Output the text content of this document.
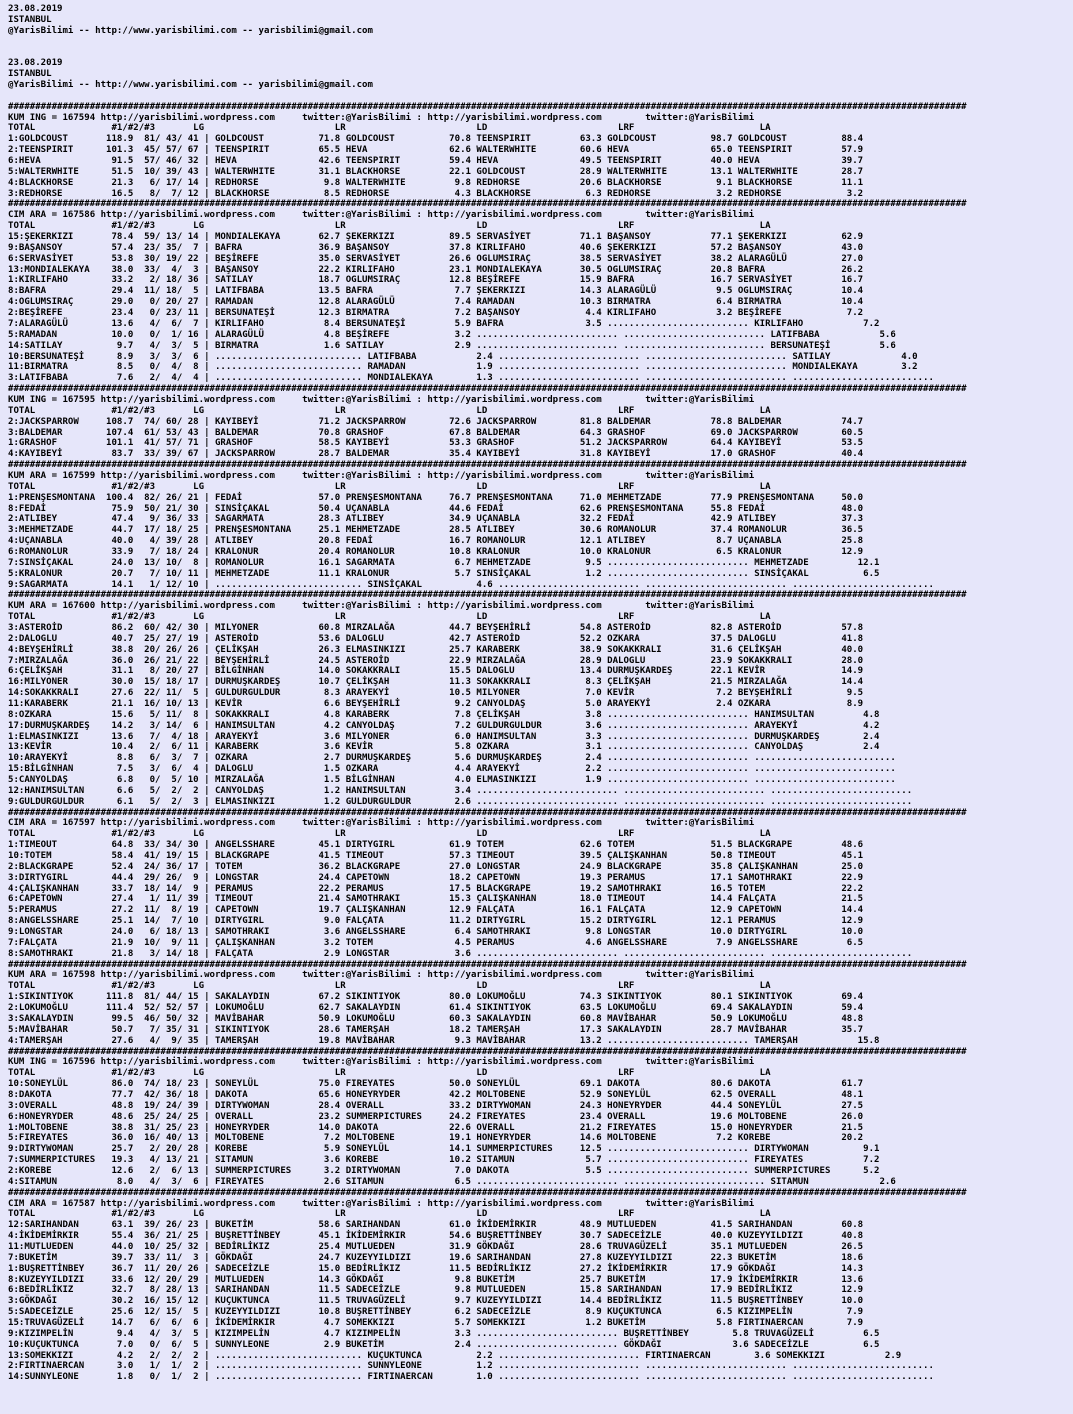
23.08.2019
ISTANBUL
@YarisBilimi -- http://www.yarisbilimi.com -- yarisbilimi@gmail.com

23.08.2019
ISTANBUL
@YarisBilimi -- http://www.yarisbilimi.com -- yarisbilimi@gmail.com

################################################################################################################################################################################
KUM ING = 167594 http://yarisbilimi.wordpress.com     twitter:@YarisBilimi : http://yarisbilimi.wordpress.com        twitter:@YarisBilimi
TOTAL              #1/#2/#3       LG                        LR                        LD                        LRF                       LA
1:GOLDCOUST       118.9  81/ 43/ 41 | GOLDCOUST          71.8 GOLDCOUST          70.8 TEENSPIRIT         63.3 GOLDCOUST          98.7 GOLDCOUST          88.4
2:TEENSPIRIT      101.3  45/ 57/ 67 | TEENSPIRIT         65.5 HEVA               62.6 WALTERWHITE        60.6 HEVA               65.0 TEENSPIRIT         57.9
6:HEVA             91.5  57/ 46/ 32 | HEVA               42.6 TEENSPIRIT         59.4 HEVA               49.5 TEENSPIRIT         40.0 HEVA               39.7
5:WALTERWHITE      51.5  10/ 39/ 43 | WALTERWHITE        31.1 BLACKHORSE         22.1 GOLDCOUST          28.9 WALTERWHITE        13.1 WALTERWHITE        28.7
4:BLACKHORSE       21.3   6/ 17/ 14 | REDHORSE            9.8 WALTERWHITE         9.8 REDHORSE           20.6 BLACKHORSE          9.1 BLACKHORSE         11.1
3:REDHORSE         16.5   8/  7/ 12 | BLACKHORSE          8.5 REDHORSE            4.3 BLACKHORSE          6.3 REDHORSE            3.2 REDHORSE            3.2
################################################################################################################################################################################
CIM ARA = 167586 http://yarisbilimi.wordpress.com     twitter:@YarisBilimi : http://yarisbilimi.wordpress.com        twitter:@YarisBilimi
TOTAL              #1/#2/#3       LG                        LR                        LD                        LRF                       LA
15:ŞEKERKIZI       78.4  59/ 13/ 14 | MONDIALEKAYA       62.7 ŞEKERKIZI          89.5 SERVASİYET         71.1 BAŞANSOY           77.1 ŞEKERKIZI          62.9
9:BAŞANSOY         57.4  23/ 35/  7 | BAFRA              36.9 BAŞANSOY           37.8 KIRLIFAHO          40.6 ŞEKERKIZI          57.2 BAŞANSOY           43.0
6:SERVASİYET       53.8  30/ 19/ 22 | BEŞİREFE           35.0 SERVASİYET         26.6 OGLUMSIRAÇ         38.5 SERVASİYET         38.2 ALARAGÜLÜ          27.0
13:MONDIALEKAYA    38.0  33/  4/  3 | BAŞANSOY           22.2 KIRLIFAHO          23.1 MONDIALEKAYA       30.5 OGLUMSIRAÇ         20.8 BAFRA              26.2
1:KIRLIFAHO        33.2   2/ 18/ 36 | SATILAY            18.7 OGLUMSIRAÇ         12.8 BEŞİREFE           15.9 BAFRA              16.7 SERVASİYET         16.7
8:BAFRA            29.4  11/ 18/  5 | LATIFBABA          13.5 BAFRA               7.7 ŞEKERKIZI          14.3 ALARAGÜLÜ           9.5 OGLUMSIRAÇ         10.4
4:OGLUMSIRAÇ       29.0   0/ 20/ 27 | RAMADAN            12.8 ALARAGÜLÜ           7.4 RAMADAN            10.3 BIRMATRA            6.4 BIRMATRA           10.4
2:BEŞİREFE         23.4   0/ 23/ 11 | BERSUNATEŞİ        12.3 BIRMATRA            7.2 BAŞANSOY            4.4 KIRLIFAHO           3.2 BEŞİREFE            7.2
7:ALARAGÜLÜ        13.6   4/  6/  7 | KIRLIFAHO           8.4 BERSUNATEŞİ         5.9 BAFRA               3.5 .......................... KIRLIFAHO           7.2
5:RAMADAN          10.0   0/  1/ 16 | ALARAGÜLÜ           4.8 BEŞİREFE            3.2 .......................... .......................... LATIFBABA           5.6
14:SATILAY          9.7   4/  3/  5 | BIRMATRA            1.6 SATILAY             2.9 .......................... .......................... BERSUNATEŞİ         5.6
10:BERSUNATEŞİ      8.9   3/  3/  6 | ........................... LATIFBABA           2.4 .......................... .......................... SATILAY             4.0
11:BIRMATRA         8.5   0/  4/  8 | ........................... RAMADAN             1.9 .......................... .......................... MONDIALEKAYA        3.2
3:LATIFBABA         7.6   2/  4/  4 | ........................... MONDIALEKAYA        1.3 .......................... .......................... ..........................
################################################################################################################################################################################
KUM ING = 167595 http://yarisbilimi.wordpress.com     twitter:@YarisBilimi : http://yarisbilimi.wordpress.com        twitter:@YarisBilimi
TOTAL              #1/#2/#3       LG                        LR                        LD                        LRF                       LA
2:JACKSPARROW     108.7  74/ 60/ 28 | KAYIBEYİ           71.2 JACKSPARROW        72.6 JACKSPARROW        81.8 BALDEMAR           78.8 BALDEMAR           74.7
3:BALDEMAR        107.4  61/ 53/ 43 | BALDEMAR           70.8 GRASHOF            67.8 BALDEMAR           64.3 GRASHOF            69.0 JACKSPARROW        60.5
1:GRASHOF         101.1  41/ 57/ 71 | GRASHOF            58.5 KAYIBEYİ           53.3 GRASHOF            51.2 JACKSPARROW        64.4 KAYIBEYİ           53.5
4:KAYIBEYİ         83.7  33/ 39/ 67 | JACKSPARROW        28.7 BALDEMAR           35.4 KAYIBEYİ           31.8 KAYIBEYİ           17.0 GRASHOF            40.4
################################################################################################################################################################################
KUM ARA = 167599 http://yarisbilimi.wordpress.com     twitter:@YarisBilimi : http://yarisbilimi.wordpress.com        twitter:@YarisBilimi
TOTAL              #1/#2/#3       LG                        LR                        LD                        LRF                       LA
1:PRENŞESMONTANA  100.4  82/ 26/ 21 | FEDAİ              57.0 PRENŞESMONTANA     76.7 PRENŞESMONTANA     71.0 MEHMETZADE         77.9 PRENŞESMONTANA     50.0
8:FEDAİ            75.9  50/ 21/ 30 | SINSİÇAKAL         50.4 UÇANABLA           44.6 FEDAİ              62.6 PRENŞESMONTANA     55.8 FEDAİ              48.0
2:ATLIBEY          47.4   9/ 36/ 33 | SAGARMATA          28.3 ATLIBEY            34.9 UÇANABLA           32.2 FEDAİ              42.9 ATLIBEY            37.3
3:MEHMETZADE       44.7  17/ 18/ 25 | PRENŞESMONTANA     25.1 MEHMETZADE         28.5 ATLIBEY            30.6 ROMANOLUR          37.4 ROMANOLUR          36.5
4:UÇANABLA         40.0   4/ 39/ 28 | ATLIBEY            20.8 FEDAİ              16.7 ROMANOLUR          12.1 ATLIBEY             8.7 UÇANABLA           25.8
6:ROMANOLUR        33.9   7/ 18/ 24 | KRALONUR           20.4 ROMANOLUR          10.8 KRALONUR           10.0 KRALONUR            6.5 KRALONUR           12.9
7:SINSİÇAKAL       24.0  13/ 10/  8 | ROMANOLUR          16.1 SAGARMATA           6.7 MEHMETZADE          9.5 .......................... MEHMETZADE         12.1
5:KRALONUR         20.7   7/ 10/ 11 | MEHMETZADE         11.1 KRALONUR            5.7 SINSİÇAKAL          1.2 .......................... SINSİÇAKAL          6.5
9:SAGARMATA        14.1   1/ 12/ 10 | ........................... SINSİÇAKAL          4.6 .......................... .......................... ..........................
################################################################################################################################################################################
KUM ARA = 167600 http://yarisbilimi.wordpress.com     twitter:@YarisBilimi : http://yarisbilimi.wordpress.com        twitter:@YarisBilimi
TOTAL              #1/#2/#3       LG                        LR                        LD                        LRF                       LA
3:ASTEROİD         86.2  60/ 42/ 30 | MILYONER           60.8 MIRZALAĞA          44.7 BEYŞEHİRLİ         54.8 ASTEROİD           82.8 ASTEROİD           57.8
2:DALOGLU          40.7  25/ 27/ 19 | ASTEROİD           53.6 DALOGLU            42.7 ASTEROİD           52.2 OZKARA             37.5 DALOGLU            41.8
4:BEYŞEHİRLİ       38.8  20/ 26/ 26 | ÇELİKŞAH           26.3 ELMASINKIZI        25.7 KARABERK           38.9 SOKAKKRALI         31.6 ÇELİKŞAH           40.0
7:MIRZALAĞA        36.0  26/ 21/ 22 | BEYŞEHİRLİ         24.5 ASTEROİD           22.9 MIRZALAĞA          28.9 DALOGLU            23.9 SOKAKKRALI         28.0
6:ÇELİKŞAH         31.1   8/ 20/ 27 | BİLGİNHAN          14.0 SOKAKKRALI         15.5 DALOGLU            13.4 DURMUŞKARDEŞ       22.1 KEVİR              14.9
16:MILYONER        30.0  15/ 18/ 17 | DURMUŞKARDEŞ       10.7 ÇELİKŞAH           11.3 SOKAKKRALI          8.3 ÇELİKŞAH           21.5 MIRZALAĞA          14.4
14:SOKAKKRALI      27.6  22/ 11/  5 | GULDURGULDUR        8.3 ARAYEKYİ           10.5 MILYONER            7.0 KEVİR               7.2 BEYŞEHİRLİ          9.5
11:KARABERK        21.1  16/ 10/ 13 | KEVİR               6.6 BEYŞEHİRLİ          9.2 CANYOLDAŞ           5.0 ARAYEKYİ            2.4 OZKARA              8.9
8:OZKARA           15.6   5/ 11/  8 | SOKAKKRALI          4.8 KARABERK            7.8 ÇELİKŞAH            3.8 .......................... HANIMSULTAN         4.8
17:DURMUŞKARDEŞ    14.2   3/ 14/  6 | HANIMSULTAN         4.2 CANYOLDAŞ           7.2 GULDURGULDUR        3.6 .......................... ARAYEKYİ            4.2
1:ELMASINKIZI      13.6   7/  4/ 18 | ARAYEKYİ            3.6 MILYONER            6.0 HANIMSULTAN         3.3 .......................... DURMUŞKARDEŞ        2.4
13:KEVİR           10.4   2/  6/ 11 | KARABERK            3.6 KEVİR               5.8 OZKARA              3.1 .......................... CANYOLDAŞ           2.4
10:ARAYEKYİ         8.8   6/  3/  7 | OZKARA              2.7 DURMUŞKARDEŞ        5.6 DURMUŞKARDEŞ        2.4 .......................... ..........................
15:BİLGİNHAN        7.5   3/  6/  4 | DALOGLU             1.5 OZKARA              4.4 ARAYEKYİ            2.2 .......................... ..........................
5:CANYOLDAŞ         6.8   0/  5/ 10 | MIRZALAĞA           1.5 BİLGİNHAN           4.0 ELMASINKIZI         1.9 .......................... ..........................
12:HANIMSULTAN      6.6   5/  2/  2 | CANYOLDAŞ           1.2 HANIMSULTAN         3.4 .......................... .......................... ..........................
9:GULDURGULDUR      6.1   5/  2/  3 | ELMASINKIZI         1.2 GULDURGULDUR        2.6 .......................... .......................... ..........................
################################################################################################################################################################################
CIM ARA = 167597 http://yarisbilimi.wordpress.com     twitter:@YarisBilimi : http://yarisbilimi.wordpress.com        twitter:@YarisBilimi
TOTAL              #1/#2/#3       LG                        LR                        LD                        LRF                       LA
1:TIMEOUT          64.8  33/ 34/ 30 | ANGELSSHARE        45.1 DIRTYGIRL          61.9 TOTEM              62.6 TOTEM              51.5 BLACKGRAPE         48.6
10:TOTEM           58.4  41/ 19/ 15 | BLACKGRAPE         41.5 TIMEOUT            57.3 TIMEOUT            39.5 ÇALIŞKANHAN        50.8 TIMEOUT            45.1
2:BLACKGRAPE       52.4  24/ 36/ 17 | TOTEM              36.2 BLACKGRAPE         27.0 LONGSTAR           24.9 BLACKGRAPE         35.8 ÇALIŞKANHAN        25.0
3:DIRTYGIRL        44.4  29/ 26/  9 | LONGSTAR           24.4 CAPETOWN           18.2 CAPETOWN           19.3 PERAMUS            17.1 SAMOTHRAKI         22.9
4:ÇALIŞKANHAN      33.7  18/ 14/  9 | PERAMUS            22.2 PERAMUS            17.5 BLACKGRAPE         19.2 SAMOTHRAKI         16.5 TOTEM              22.2
6:CAPETOWN         27.4   1/ 11/ 39 | TIMEOUT            21.4 SAMOTHRAKI         15.3 ÇALIŞKANHAN        18.0 TIMEOUT            14.4 FALÇATA            21.5
5:PERAMUS          27.2  11/  8/ 19 | CAPETOWN           19.7 ÇALIŞKANHAN        12.9 FALÇATA            16.1 FALÇATA            12.9 CAPETOWN           14.4
8:ANGELSSHARE      25.1  14/  7/ 10 | DIRTYGIRL           9.0 FALÇATA            11.2 DIRTYGIRL          15.2 DIRTYGIRL          12.1 PERAMUS            12.9
9:LONGSTAR         24.0   6/ 18/ 13 | SAMOTHRAKI          3.6 ANGELSSHARE         6.4 SAMOTHRAKI          9.8 LONGSTAR           10.0 DIRTYGIRL          10.0
7:FALÇATA          21.9  10/  9/ 11 | ÇALIŞKANHAN         3.2 TOTEM               4.5 PERAMUS             4.6 ANGELSSHARE         7.9 ANGELSSHARE         6.5
8:SAMOTHRAKI       21.8   3/ 14/ 18 | FALÇATA             2.9 LONGSTAR            3.6 .......................... .......................... ..........................
################################################################################################################################################################################
KUM ARA = 167598 http://yarisbilimi.wordpress.com     twitter:@YarisBilimi : http://yarisbilimi.wordpress.com        twitter:@YarisBilimi
TOTAL              #1/#2/#3       LG                        LR                        LD                        LRF                       LA
1:SIKINTIYOK      111.8  81/ 44/ 15 | SAKALAYDIN         67.2 SIKINTIYOK         80.0 LOKUMOĞLU          74.3 SIKINTIYOK         80.1 SIKINTIYOK         69.4
2:LOKUMOĞLU       111.4  52/ 52/ 57 | LOKUMOĞLU          62.7 SAKALAYDIN         61.4 SIKINTIYOK         63.5 LOKUMOĞLU          69.4 SAKALAYDIN         59.4
3:SAKALAYDIN       99.5  46/ 50/ 32 | MAVİBAHAR          50.9 LOKUMOĞLU          60.3 SAKALAYDIN         60.8 MAVİBAHAR          50.9 LOKUMOĞLU          48.8
5:MAVİBAHAR        50.7   7/ 35/ 31 | SIKINTIYOK         28.6 TAMERŞAH           18.2 TAMERŞAH           17.3 SAKALAYDIN         28.7 MAVİBAHAR          35.7
4:TAMERŞAH         27.6   4/  9/ 35 | TAMERŞAH           19.8 MAVİBAHAR           9.3 MAVİBAHAR          13.2 .......................... TAMERŞAH           15.8
################################################################################################################################################################################
KUM ING = 167596 http://yarisbilimi.wordpress.com     twitter:@YarisBilimi : http://yarisbilimi.wordpress.com        twitter:@YarisBilimi
TOTAL              #1/#2/#3       LG                        LR                        LD                        LRF                       LA
10:SONEYLÜL        86.0  74/ 18/ 23 | SONEYLÜL           75.0 FIREYATES          50.0 SONEYLÜL           69.1 DAKOTA             80.6 DAKOTA             61.7
8:DAKOTA           77.7  42/ 36/ 18 | DAKOTA             65.6 HONEYRYDER         42.2 MOLTOBENE          52.9 SONEYLÜL           62.5 OVERALL            48.1
3:OVERALL          48.8  19/ 24/ 39 | DIRTYWOMAN         28.4 OVERALL            33.2 DIRTYWOMAN         24.3 HONEYRYDER         44.4 SONEYLÜL           27.5
6:HONEYRYDER       48.6  25/ 24/ 25 | OVERALL            23.2 SUMMERPICTURES     24.2 FIREYATES          23.4 OVERALL            19.6 MOLTOBENE          26.0
1:MOLTOBENE        38.8  31/ 25/ 23 | HONEYRYDER         14.0 DAKOTA             22.6 OVERALL            21.2 FIREYATES          15.0 HONEYRYDER         21.5
5:FIREYATES        36.0  16/ 40/ 13 | MOLTOBENE           7.2 MOLTOBENE          19.1 HONEYRYDER         14.6 MOLTOBENE           7.2 KOREBE             20.2
9:DIRTYWOMAN       25.7   2/ 20/ 28 | KOREBE              5.9 SONEYLÜL           14.1 SUMMERPICTURES     12.5 .......................... DIRTYWOMAN          9.1
7:SUMMERPICTURES   19.3   4/ 13/ 21 | SITAMUN             3.6 KOREBE             10.2 SITAMUN             5.7 .......................... FIREYATES           7.2
2:KOREBE           12.6   2/  6/ 13 | SUMMERPICTURES      3.2 DIRTYWOMAN          7.0 DAKOTA              5.5 .......................... SUMMERPICTURES      5.2
4:SITAMUN           8.0   4/  3/  6 | FIREYATES           2.6 SITAMUN             6.5 .......................... .......................... SITAMUN             2.6
################################################################################################################################################################################
CIM ARA = 167587 http://yarisbilimi.wordpress.com     twitter:@YarisBilimi : http://yarisbilimi.wordpress.com        twitter:@YarisBilimi
TOTAL              #1/#2/#3       LG                        LR                        LD                        LRF                       LA
12:SARIHANDAN      63.1  39/ 26/ 23 | BUKETİM            58.6 SARIHANDAN         61.0 İKİDEMİRKIR        48.9 MUTLUEDEN          41.5 SARIHANDAN         60.8
4:İKİDEMİRKIR      55.4  36/ 21/ 25 | BUŞRETTİNBEY       45.1 İKİDEMİRKIR        54.6 BUŞRETTİNBEY       30.7 SADECEİZLE         40.0 KUZEYYILDIZI       40.8
11:MUTLUEDEN       44.0  10/ 25/ 32 | BEDİRLİKIZ         25.4 MUTLUEDEN          31.9 GÖKDAĞI            28.6 TRUVAGÜZELİ        35.1 MUTLUEDEN          26.5
7:BUKETİM          39.7  33/ 11/  3 | GÖKDAĞI            24.7 KUZEYYILDIZI       19.6 SARIHANDAN         27.8 KUZEYYILDIZI       22.3 BUKETİM            18.6
1:BUŞRETTİNBEY     36.7  11/ 20/ 26 | SADECEİZLE         15.0 BEDİRLİKIZ         11.5 BEDİRLİKIZ         27.2 İKİDEMİRKIR        17.9 GÖKDAĞI            14.3
8:KUZEYYILDIZI     33.6  12/ 20/ 29 | MUTLUEDEN          14.3 GÖKDAĞI             9.8 BUKETİM            25.7 BUKETİM            17.9 İKİDEMİRKIR        13.6
6:BEDİRLİKIZ       32.7   8/ 28/ 13 | SARIHANDAN         11.5 SADECEİZLE          9.8 MUTLUEDEN          15.8 SARIHANDAN         17.9 BEDİRLİKIZ         12.9
3:GÖKDAĞI          30.2  16/ 15/ 12 | KUÇUKTUNCA         11.5 TRUVAGÜZELİ         9.7 KUZEYYILDIZI       14.4 BEDİRLİKIZ         11.5 BUŞRETTİNBEY       10.0
5:SADECEİZLE       25.6  12/ 15/  5 | KUZEYYILDIZI       10.8 BUŞRETTİNBEY        6.2 SADECEİZLE          8.9 KUÇUKTUNCA          6.5 KIZIMPELİN          7.9
15:TRUVAGÜZELİ     14.7   6/  6/  6 | İKİDEMİRKIR         4.7 SOMEKKIZI           5.7 SOMEKKIZI           1.2 BUKETİM             5.8 FIRTINAERCAN        7.9
9:KIZIMPELİN        9.4   4/  3/  5 | KIZIMPELİN          4.7 KIZIMPELİN          3.3 .......................... BUŞRETTİNBEY        5.8 TRUVAGÜZELİ         6.5
10:KUÇUKTUNCA       7.0   0/  6/  5 | SUNNYLEONE          2.9 BUKETİM             2.4 .......................... GÖKDAĞI             3.6 SADECEİZLE          6.5
13:SOMEKKIZI        4.2   2/  2/  2 | ........................... KUÇUKTUNCA          2.2 .......................... FIRTINAERCAN        3.6 SOMEKKIZI           2.9
2:FIRTINAERCAN      3.0   1/  1/  2 | ........................... SUNNYLEONE          1.2 .......................... .......................... ..........................
14:SUNNYLEONE       1.8   0/  1/  2 | ........................... FIRTINAERCAN        1.0 .......................... .......................... ..........................
